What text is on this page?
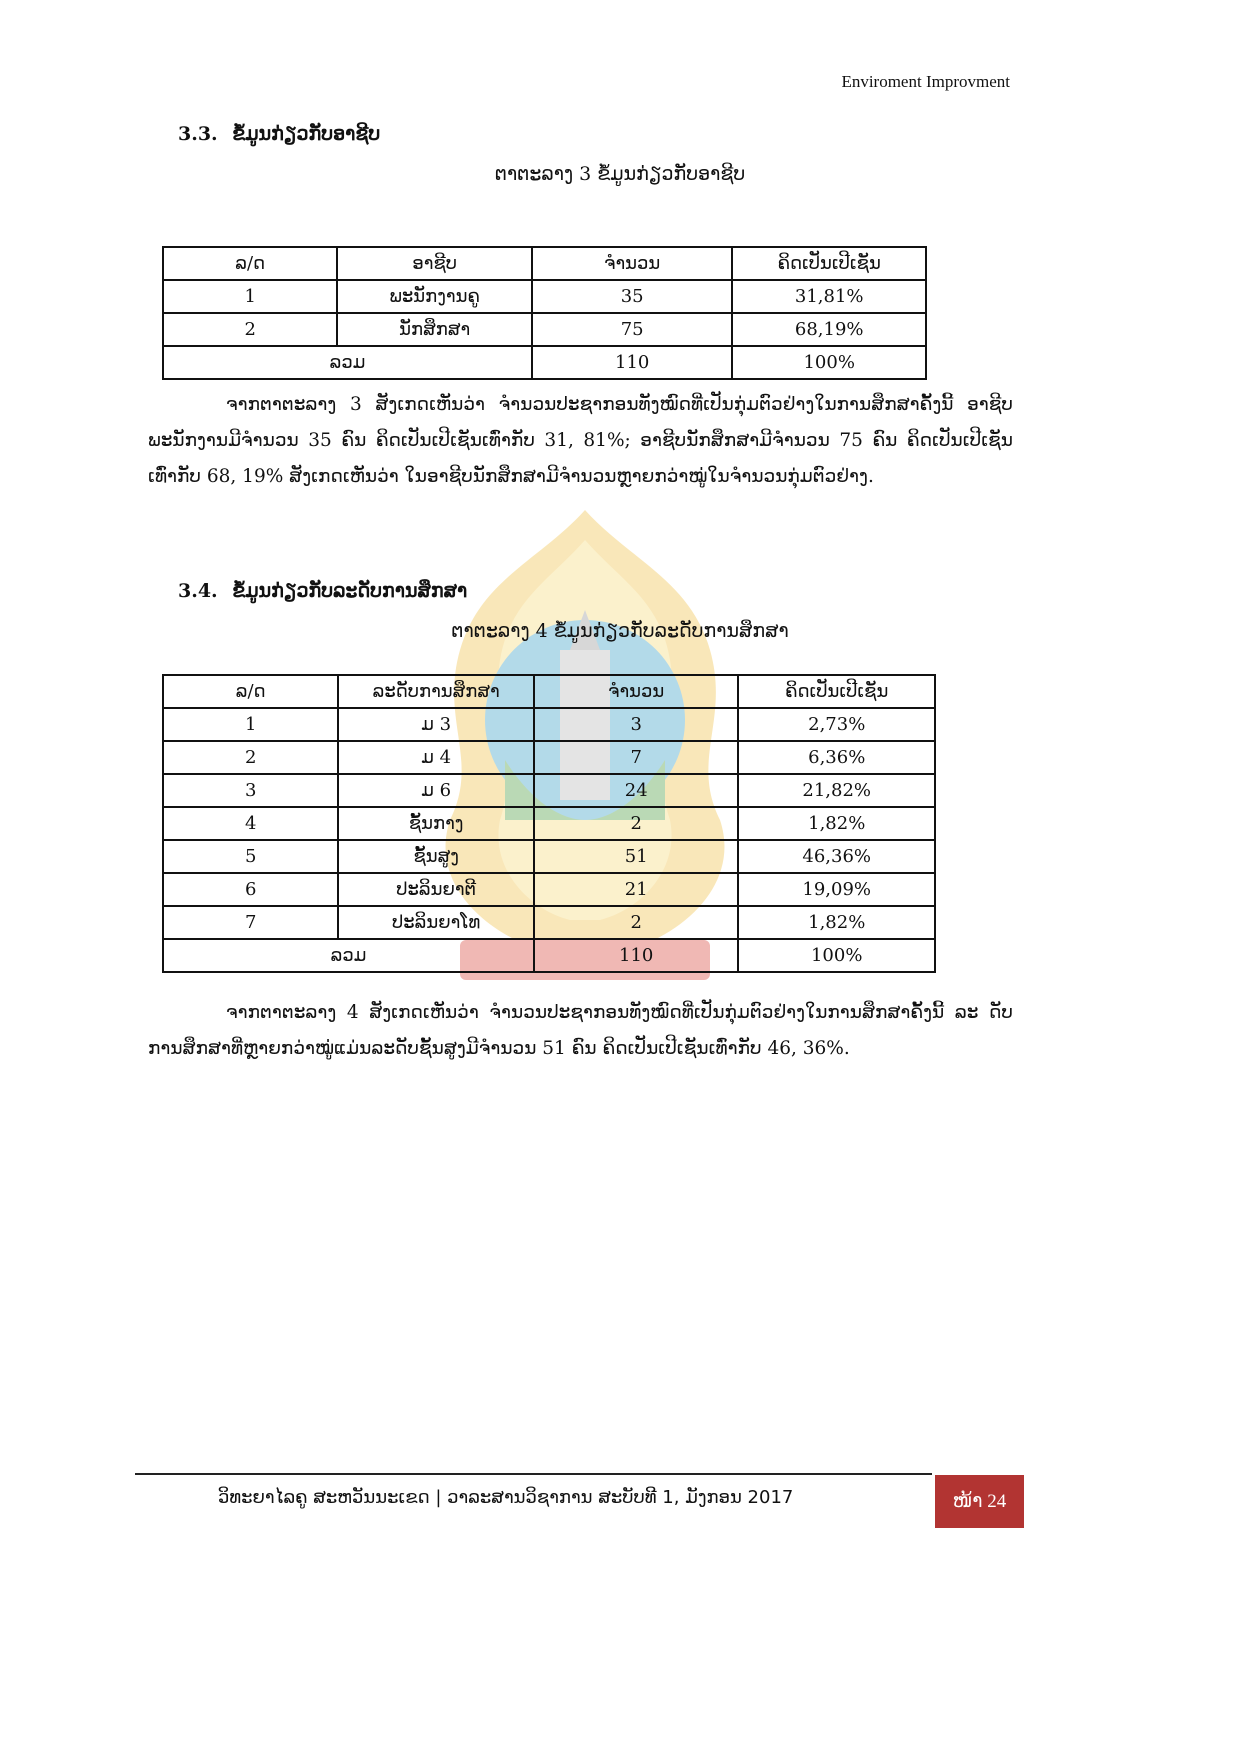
Enviroment Improvment
3.3. ຂໍ້ມູນກ່ຽວກັບອາຊີບ
ຕາຕະລາງ 3 ຂໍ້ມູນກ່ຽວກັບອາຊີບ
ລ/ດ	ອາຊີບ	ຈຳນວນ	ຄິດເປັນເປີເຊັນ
1	ພະນັກງານຄູ	35	31,81%
2	ນັກສຶກສາ	75	68,19%
ລວມ		110	100%

ຈາກຕາຕະລາງ 3 ສັງເກດເຫັນວ່າ ຈຳນວນປະຊາກອນທັງໝົດທີ່ເປັນກຸ່ມຕົວຢ່າງໃນການສຶກສາຄັ້ງນີ້ ອາຊີບພະນັກງານມີຈຳນວນ 35 ຄົນ ຄິດເປັນເປີເຊັນເທົ່າກັບ 31, 81%; ອາຊີບນັກສຶກສາມີຈຳນວນ 75 ຄົນ ຄິດເປັນເປີເຊັນເທົ່າກັບ 68, 19% ສັງເກດເຫັນວ່າ ໃນອາຊີບນັກສຶກສາມີຈຳນວນຫຼາຍກວ່າໝູ່ໃນຈຳນວນກຸ່ມຕົວຢ່າງ.

3.4. ຂໍ້ມູນກ່ຽວກັບລະດັບການສຶກສາ
ຕາຕະລາງ 4 ຂໍ້ມູນກ່ຽວກັບລະດັບການສຶກສາ
ລ/ດ	ລະດັບການສຶກສາ	ຈຳນວນ	ຄິດເປັນເປີເຊັນ
1	ມ 3	3	2,73%
2	ມ 4	7	6,36%
3	ມ 6	24	21,82%
4	ຊັ້ນກາງ	2	1,82%
5	ຊັ້ນສູງ	51	46,36%
6	ປະລິນຍາຕີ	21	19,09%
7	ປະລິນຍາໂທ	2	1,82%
ລວມ		110	100%

ຈາກຕາຕະລາງ 4 ສັງເກດເຫັນວ່າ ຈຳນວນປະຊາກອນທັງໝົດທີ່ເປັນກຸ່ມຕົວຢ່າງໃນການສຶກສາຄັ້ງນີ້ ລະ ດັບການສຶກສາທີ່ຫຼາຍກວ່າໝູ່ແມ່ນລະດັບຊັ້ນສູງມີຈຳນວນ 51 ຄົນ ຄິດເປັນເປີເຊັນເທົ່າກັບ 46, 36%.

ວິທະຍາໄລຄູ ສະຫວັນນະເຂດ | ວາລະສານວິຊາການ ສະບັບທີ 1, ມັງກອນ 2017	ໜ້າ 24
